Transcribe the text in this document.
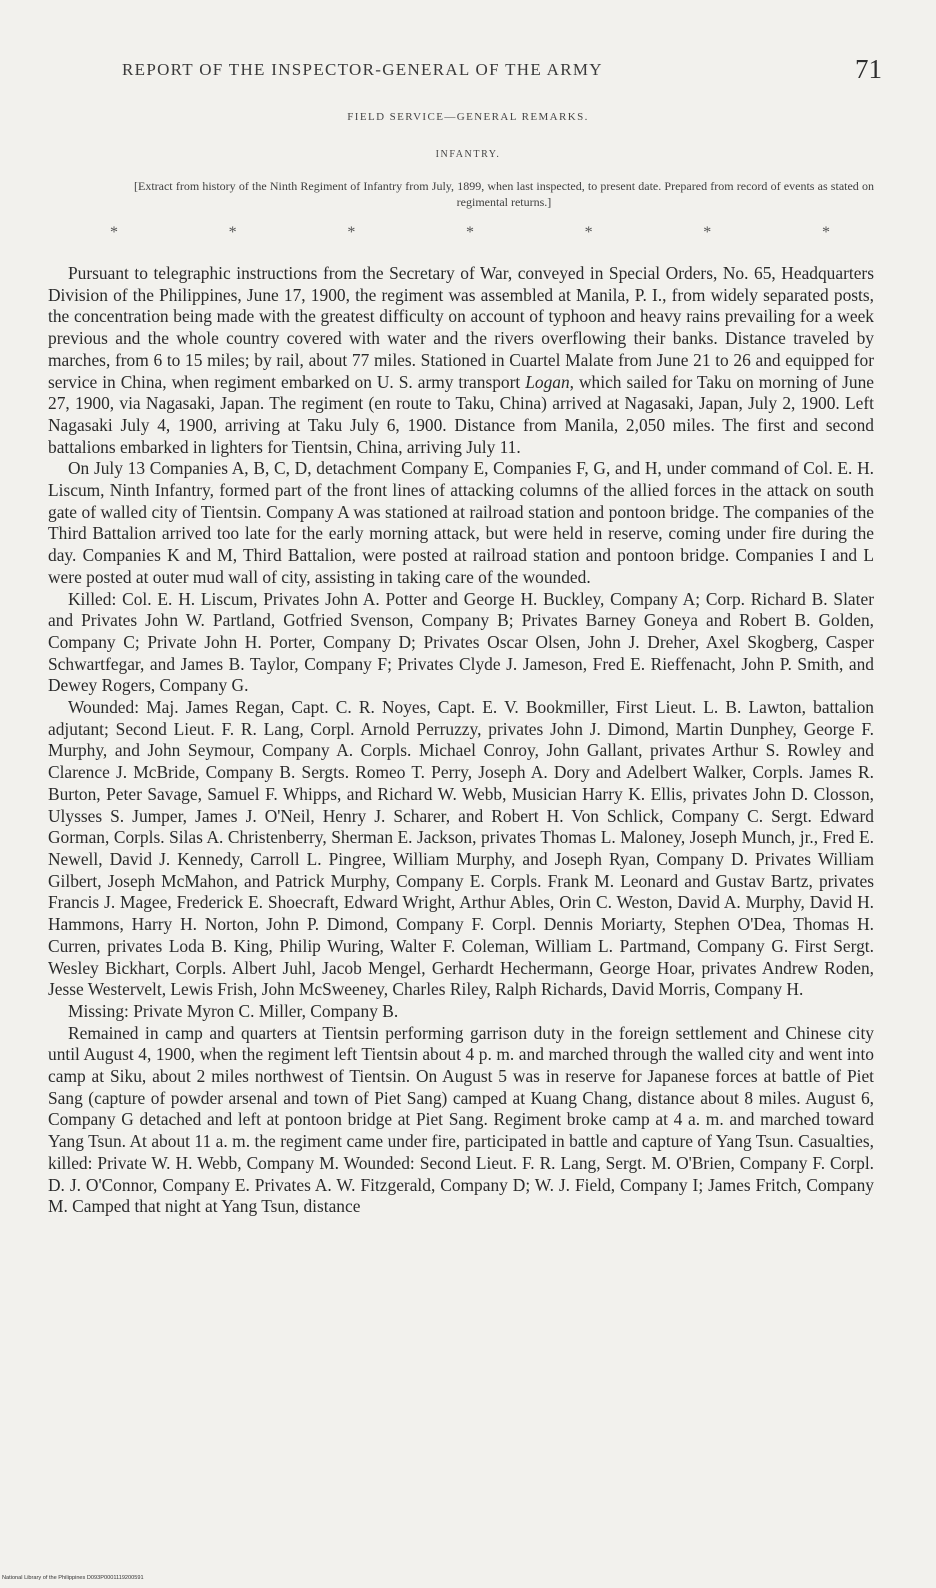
REPORT OF THE INSPECTOR-GENERAL OF THE ARMY	71
FIELD SERVICE—GENERAL REMARKS.
INFANTRY.
[Extract from history of the Ninth Regiment of Infantry from July, 1899, when last inspected, to present date. Prepared from record of events as stated on regimental returns.]
*	*	*	*	*	*	*

Pursuant to telegraphic instructions from the Secretary of War, conveyed in Special Orders, No. 65, Headquarters Division of the Philippines, June 17, 1900, the regiment was assembled at Manila, P. I., from widely separated posts, the concentration being made with the greatest difficulty on account of typhoon and heavy rains prevailing for a week previous and the whole country covered with water and the rivers overflowing their banks. Distance traveled by marches, from 6 to 15 miles; by rail, about 77 miles. Stationed in Cuartel Malate from June 21 to 26 and equipped for service in China, when regiment embarked on U. S. army transport Logan, which sailed for Taku on morning of June 27, 1900, via Nagasaki, Japan. The regiment (en route to Taku, China) arrived at Nagasaki, Japan, July 2, 1900. Left Nagasaki July 4, 1900, arriving at Taku July 6, 1900. Distance from Manila, 2,050 miles. The first and second battalions embarked in lighters for Tientsin, China, arriving July 11.

On July 13 Companies A, B, C, D, detachment Company E, Companies F, G, and H, under command of Col. E. H. Liscum, Ninth Infantry, formed part of the front lines of attacking columns of the allied forces in the attack on south gate of walled city of Tientsin. Company A was stationed at railroad station and pontoon bridge. The companies of the Third Battalion arrived too late for the early morning attack, but were held in reserve, coming under fire during the day. Companies K and M, Third Battalion, were posted at railroad station and pontoon bridge. Companies I and L were posted at outer mud wall of city, assisting in taking care of the wounded.

Killed: Col. E. H. Liscum, Privates John A. Potter and George H. Buckley, Company A; Corp. Richard B. Slater and Privates John W. Partland, Gotfried Svenson, Company B; Privates Barney Goneya and Robert B. Golden, Company C; Private John H. Porter, Company D; Privates Oscar Olsen, John J. Dreher, Axel Skogberg, Casper Schwartfegar, and James B. Taylor, Company F; Privates Clyde J. Jameson, Fred E. Rieffenacht, John P. Smith, and Dewey Rogers, Company G.

Wounded: Maj. James Regan, Capt. C. R. Noyes, Capt. E. V. Bookmiller, First Lieut. L. B. Lawton, battalion adjutant; Second Lieut. F. R. Lang, Corpl. Arnold Perruzzy, privates John J. Dimond, Martin Dunphey, George F. Murphy, and John Seymour, Company A. Corpls. Michael Conroy, John Gallant, privates Arthur S. Rowley and Clarence J. McBride, Company B. Sergts. Romeo T. Perry, Joseph A. Dory and Adelbert Walker, Corpls. James R. Burton, Peter Savage, Samuel F. Whipps, and Richard W. Webb, Musician Harry K. Ellis, privates John D. Closson, Ulysses S. Jumper, James J. O'Neil, Henry J. Scharer, and Robert H. Von Schlick, Company C. Sergt. Edward Gorman, Corpls. Silas A. Christenberry, Sherman E. Jackson, privates Thomas L. Maloney, Joseph Munch, jr., Fred E. Newell, David J. Kennedy, Carroll L. Pingree, William Murphy, and Joseph Ryan, Company D. Privates William Gilbert, Joseph McMahon, and Patrick Murphy, Company E. Corpls. Frank M. Leonard and Gustav Bartz, privates Francis J. Magee, Frederick E. Shoecraft, Edward Wright, Arthur Ables, Orin C. Weston, David A. Murphy, David H. Hammons, Harry H. Norton, John P. Dimond, Company F. Corpl. Dennis Moriarty, Stephen O'Dea, Thomas H. Curren, privates Loda B. King, Philip Wuring, Walter F. Coleman, William L. Partmand, Company G. First Sergt. Wesley Bickhart, Corpls. Albert Juhl, Jacob Mengel, Gerhardt Hechermann, George Hoar, privates Andrew Roden, Jesse Westervelt, Lewis Frish, John McSweeney, Charles Riley, Ralph Richards, David Morris, Company H.

Missing: Private Myron C. Miller, Company B.

Remained in camp and quarters at Tientsin performing garrison duty in the foreign settlement and Chinese city until August 4, 1900, when the regiment left Tientsin about 4 p. m. and marched through the walled city and went into camp at Siku, about 2 miles northwest of Tientsin. On August 5 was in reserve for Japanese forces at battle of Piet Sang (capture of powder arsenal and town of Piet Sang) camped at Kuang Chang, distance about 8 miles. August 6, Company G detached and left at pontoon bridge at Piet Sang. Regiment broke camp at 4 a. m. and marched toward Yang Tsun. At about 11 a. m. the regiment came under fire, participated in battle and capture of Yang Tsun. Casualties, killed: Private W. H. Webb, Company M. Wounded: Second Lieut. F. R. Lang, Sergt. M. O'Brien, Company F. Corpl. D. J. O'Connor, Company E. Privates A. W. Fitzgerald, Company D; W. J. Field, Company I; James Fritch, Company M. Camped that night at Yang Tsun, distance

National Library of the Philippines D093P0001119200591
